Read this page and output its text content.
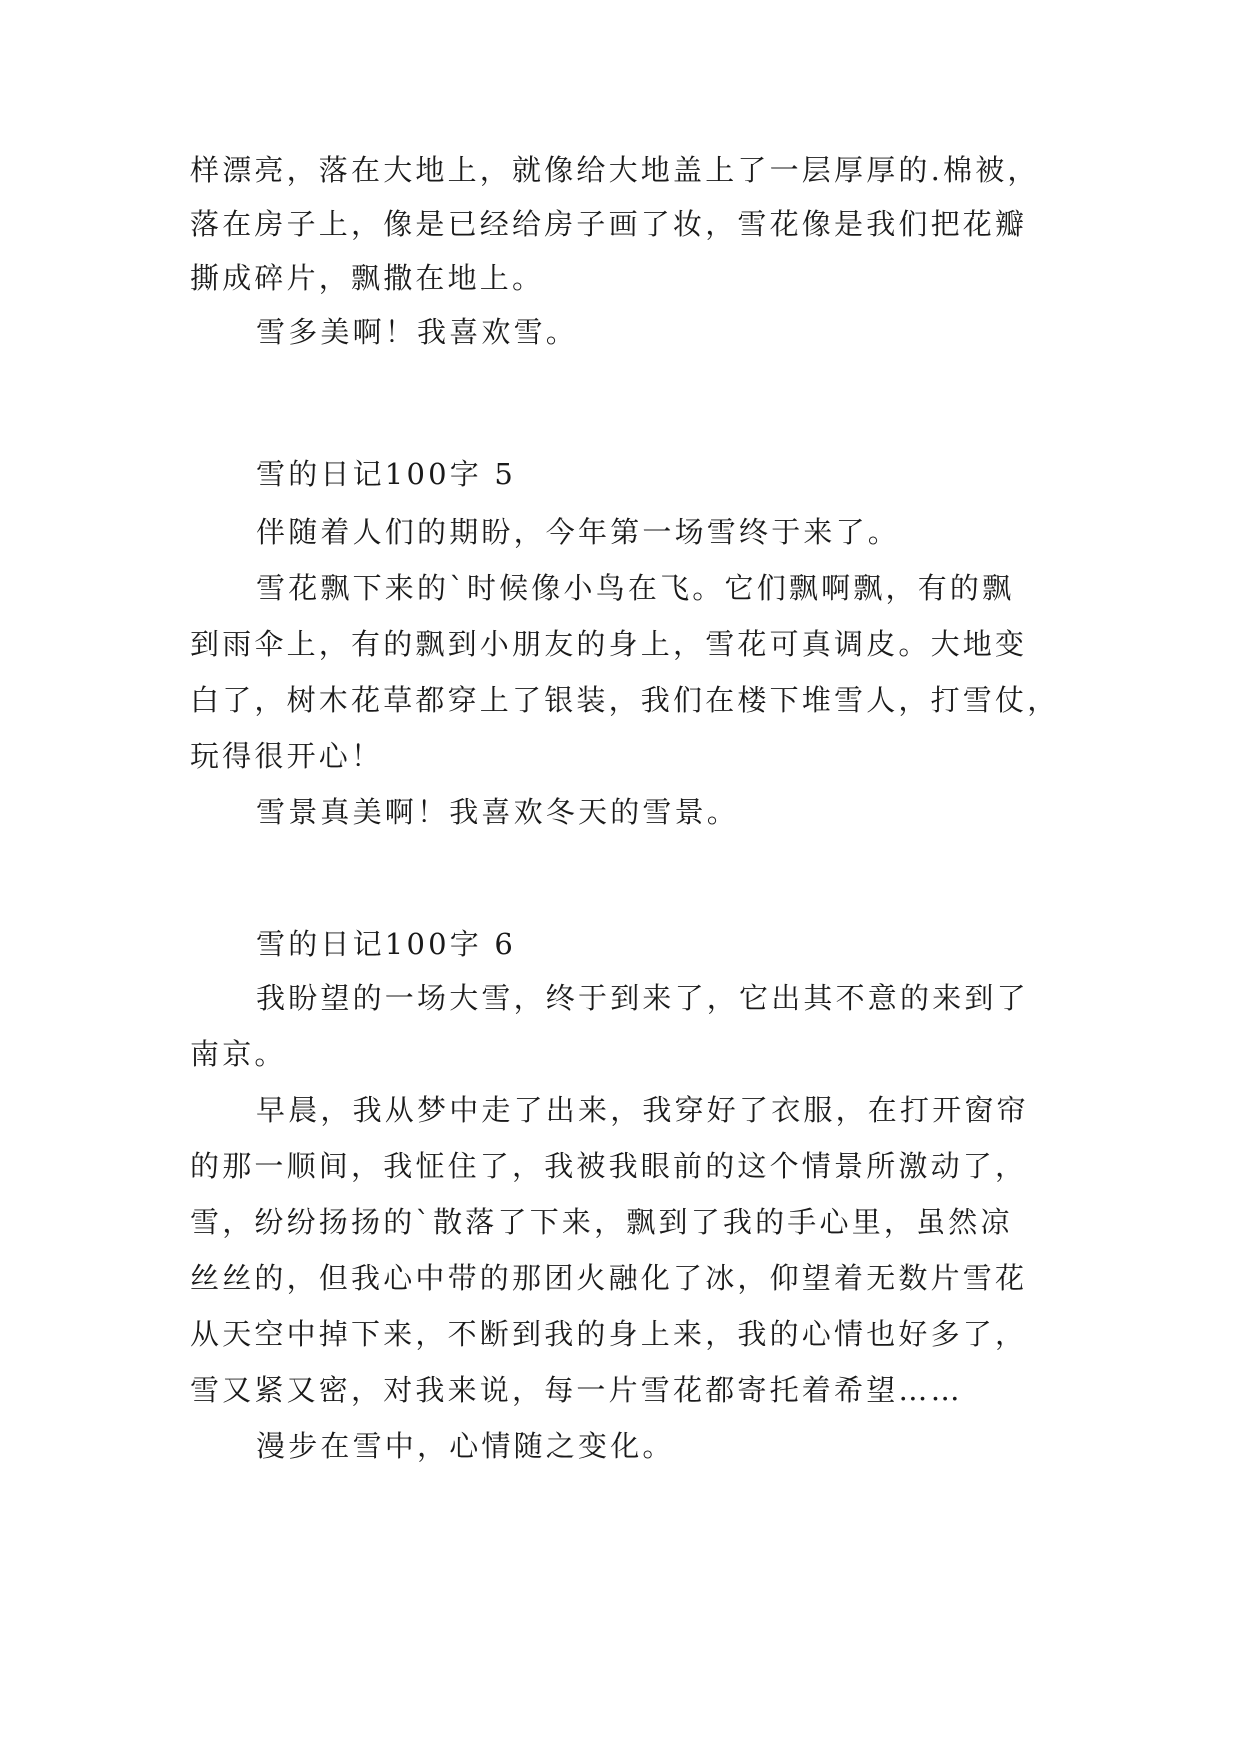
样漂亮，落在大地上，就像给大地盖上了一层厚厚的.棉被，
落在房子上，像是已经给房子画了妆，雪花像是我们把花瓣
撕成碎片，飘撒在地上。
雪多美啊！我喜欢雪。
雪的日记100字 5
伴随着人们的期盼，今年第一场雪终于来了。
雪花飘下来的`时候像小鸟在飞。它们飘啊飘，有的飘
到雨伞上，有的飘到小朋友的身上，雪花可真调皮。大地变
白了，树木花草都穿上了银装，我们在楼下堆雪人，打雪仗，
玩得很开心！
雪景真美啊！我喜欢冬天的雪景。
雪的日记100字 6
我盼望的一场大雪，终于到来了，它出其不意的来到了
南京。
早晨，我从梦中走了出来，我穿好了衣服，在打开窗帘
的那一顺间，我怔住了，我被我眼前的这个情景所激动了，
雪，纷纷扬扬的`散落了下来，飘到了我的手心里，虽然凉
丝丝的，但我心中带的那团火融化了冰，仰望着无数片雪花
从天空中掉下来，不断到我的身上来，我的心情也好多了，
雪又紧又密，对我来说，每一片雪花都寄托着希望……
漫步在雪中，心情随之变化。
